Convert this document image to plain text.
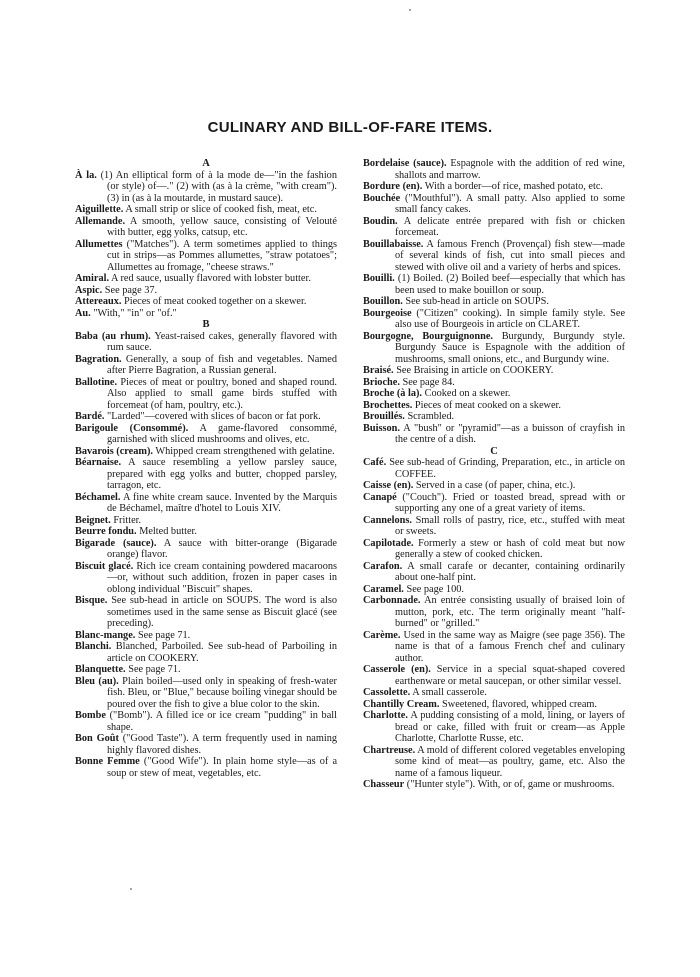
CULINARY AND BILL-OF-FARE ITEMS.

A

À la. (1) An elliptical form of à la mode de—"in the fashion (or style) of—." (2) with (as à la crème, "with cream"). (3) in (as à la moutarde, in mustard sauce).

Aiguillette. A small strip or slice of cooked fish, meat, etc.

Allemande. A smooth, yellow sauce, consisting of Velouté with butter, egg yolks, catsup, etc.

Allumettes ("Matches"). A term sometimes applied to things cut in strips—as Pommes allumettes, "straw potatoes"; Allumettes au fromage, "cheese straws."

Amiral. A red sauce, usually flavored with lobster butter.

Aspic. See page 37.

Attereaux. Pieces of meat cooked together on a skewer.

Au. "With," "in" or "of."

B

Baba (au rhum). Yeast-raised cakes, generally flavored with rum sauce.

Bagration. Generally, a soup of fish and vegetables. Named after Pierre Bagration, a Russian general.

Ballotine. Pieces of meat or poultry, boned and shaped round. Also applied to small game birds stuffed with forcemeat (of ham, poultry, etc.).

Bardé. "Larded"—covered with slices of bacon or fat pork.

Barigoule (Consommé). A game-flavored consommé, garnished with sliced mushrooms and olives, etc.

Bavarois (cream). Whipped cream strengthened with gelatine.

Béarnaise. A sauce resembling a yellow parsley sauce, prepared with egg yolks and butter, chopped parsley, tarragon, etc.

Béchamel. A fine white cream sauce. Invented by the Marquis de Béchamel, maître d'hotel to Louis XIV.

Beignet. Fritter.

Beurre fondu. Melted butter.

Bigarade (sauce). A sauce with bitter-orange (Bigarade orange) flavor.

Biscuit glacé. Rich ice cream containing powdered macaroons—or, without such addition, frozen in paper cases in oblong individual "Biscuit" shapes.

Bisque. See sub-head in article on SOUPS. The word is also sometimes used in the same sense as Biscuit glacé (see preceding).

Blanc-mange. See page 71.

Blanchi. Blanched, Parboiled. See sub-head of Parboiling in article on COOKERY.

Blanquette. See page 71.

Bleu (au). Plain boiled—used only in speaking of fresh-water fish. Bleu, or "Blue," because boiling vinegar should be poured over the fish to give a blue color to the skin.

Bombe ("Bomb"). A filled ice or ice cream "pudding" in ball shape.

Bon Goût ("Good Taste"). A term frequently used in naming highly flavored dishes.

Bonne Femme ("Good Wife"). In plain home style—as of a soup or stew of meat, vegetables, etc.

Bordelaise (sauce). Espagnole with the addition of red wine, shallots and marrow.

Bordure (en). With a border—of rice, mashed potato, etc.

Bouchée ("Mouthful"). A small patty. Also applied to some small fancy cakes.

Boudin. A delicate entrée prepared with fish or chicken forcemeat.

Bouillabaisse. A famous French (Provençal) fish stew—made of several kinds of fish, cut into small pieces and stewed with olive oil and a variety of herbs and spices.

Bouilli. (1) Boiled. (2) Boiled beef—especially that which has been used to make bouillon or soup.

Bouillon. See sub-head in article on SOUPS.

Bourgeoise ("Citizen" cooking). In simple family style. See also use of Bourgeois in article on CLARET.

Bourgogne, Bourguignonne. Burgundy, Burgundy style. Burgundy Sauce is Espagnole with the addition of mushrooms, small onions, etc., and Burgundy wine.

Braisé. See Braising in article on COOKERY.

Brioche. See page 84.

Broche (à la). Cooked on a skewer.

Brochettes. Pieces of meat cooked on a skewer.

Brouillés. Scrambled.

Buisson. A "bush" or "pyramid"—as a buisson of crayfish in the centre of a dish.

C

Café. See sub-head of Grinding, Preparation, etc., in article on COFFEE.

Caisse (en). Served in a case (of paper, china, etc.).

Canapé ("Couch"). Fried or toasted bread, spread with or supporting any one of a great variety of items.

Cannelons. Small rolls of pastry, rice, etc., stuffed with meat or sweets.

Capilotade. Formerly a stew or hash of cold meat but now generally a stew of cooked chicken.

Carafon. A small carafe or decanter, containing ordinarily about one-half pint.

Caramel. See page 100.

Carbonnade. An entrée consisting usually of braised loin of mutton, pork, etc. The term originally meant "half-burned" or "grilled."

Carème. Used in the same way as Maigre (see page 356). The name is that of a famous French chef and culinary author.

Casserole (en). Service in a special squat-shaped covered earthenware or metal saucepan, or other similar vessel.

Cassolette. A small casserole.

Chantilly Cream. Sweetened, flavored, whipped cream.

Charlotte. A pudding consisting of a mold, lining, or layers of bread or cake, filled with fruit or cream—as Apple Charlotte, Charlotte Russe, etc.

Chartreuse. A mold of different colored vegetables enveloping some kind of meat—as poultry, game, etc. Also the name of a famous liqueur.

Chasseur ("Hunter style"). With, or of, game or mushrooms.
